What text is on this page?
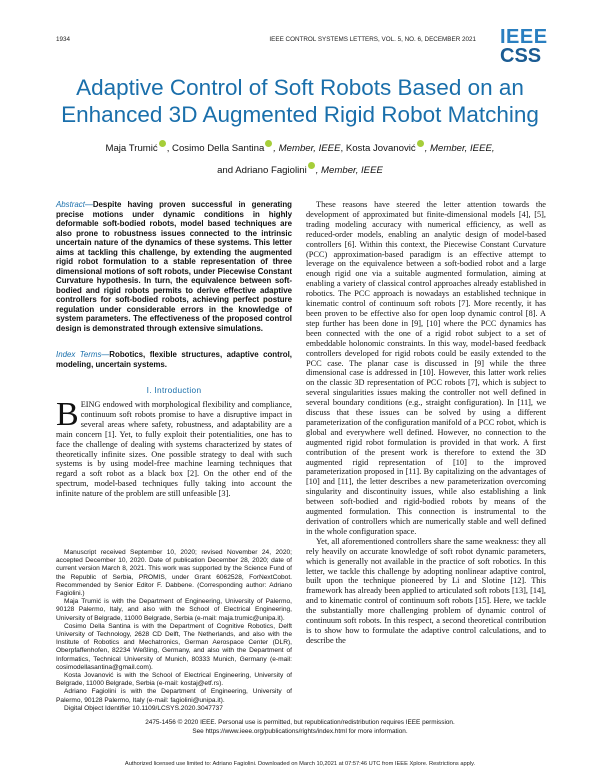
1934	IEEE CONTROL SYSTEMS LETTERS, VOL. 5, NO. 6, DECEMBER 2021 IEEE
CSS
Adaptive Control of Soft Robots Based on an Enhanced 3D Augmented Rigid Robot Matching
Maja Trumić , Cosimo Della Santina , Member, IEEE, Kosta Jovanović , Member, IEEE,
and Adriano Fagiolini , Member, IEEE
Abstract—Despite having proven successful in generating precise motions under dynamic conditions in highly deformable soft-bodied robots, model based techniques are also prone to robustness issues connected to the intrinsic uncertain nature of the dynamics of these systems. This letter aims at tackling this challenge, by extending the augmented rigid robot formulation to a stable representation of three dimensional motions of soft robots, under Piecewise Constant Curvature hypothesis. In turn, the equivalence between soft-bodied and rigid robots permits to derive effective adaptive controllers for soft-bodied robots, achieving perfect posture regulation under considerable errors in the knowledge of system parameters. The effectiveness of the proposed control design is demonstrated through extensive simulations.
Index Terms—Robotics, flexible structures, adaptive control, modeling, uncertain systems.
I. Introduction
BEING endowed with morphological flexibility and compliance, continuum soft robots promise to have a disruptive impact in several areas where safety, robustness, and adaptability are a main concern [1]. Yet, to fully exploit their potentialities, one has to face the challenge of dealing with systems characterized by states of theoretically infinite sizes. One possible strategy to deal with such systems is by using model-free machine learning techniques that regard a soft robot as a black box [2]. On the other end of the spectrum, model-based techniques fully taking into account the infinite nature of the problem are still unfeasible [3].

Manuscript received September 10, 2020; revised November 24, 2020; accepted December 10, 2020. Date of publication December 28, 2020; date of current version March 8, 2021. This work was supported by the Science Fund of the Republic of Serbia, PROMIS, under Grant 6062528, ForNextCobot. Recommended by Senior Editor F. Dabbene. (Corresponding author: Adriano Fagiolini.)

Maja Trumić is with the Department of Engineering, University of Palermo, 90128 Palermo, Italy, and also with the School of Electrical Engineering, University of Belgrade, 11000 Belgrade, Serbia (e-mail: maja.trumic@unipa.it).

Cosimo Della Santina is with the Department of Cognitive Robotics, Delft University of Technology, 2628 CD Delft, The Netherlands, and also with the Institute of Robotics and Mechatronics, German Aerospace Center (DLR), Oberpfaffenhofen, 82234 Weßling, Germany, and also with the Department of Informatics, Technical University of Munich, 80333 Munich, Germany (e-mail: cosimodellasantina@gmail.com).

Kosta Jovanović is with the School of Electrical Engineering, University of Belgrade, 11000 Belgrade, Serbia (e-mail: kostaj@etf.rs).

Adriano Fagiolini is with the Department of Engineering, University of Palermo, 90128 Palermo, Italy (e-mail: fagiolini@unipa.it).

Digital Object Identifier 10.1109/LCSYS.2020.3047737

These reasons have steered the letter attention towards the development of approximated but finite-dimensional models [4], [5], trading modeling accuracy with numerical efficiency, as well as reduced-order models, enabling an analytic design of model-based controllers [6]. Within this context, the Piecewise Constant Curvature (PCC) approximation-based paradigm is an effective attempt to leverage on the equivalence between a soft-bodied robot and a large enough rigid one via a suitable augmented formulation, aiming at enabling a variety of classical control approaches already established in robotics. The PCC approach is nowadays an established technique in kinematic control of continuum soft robots [7]. More recently, it has been proven to be effective also for open loop dynamic control [8]. A step further has been done in [9], [10] where the PCC dynamics has been connected with the one of a rigid robot subject to a set of embeddable holonomic constraints. In this way, model-based feedback controllers developed for rigid robots could be easily extended to the PCC case. The planar case is discussed in [9] while the three dimensional case is addressed in [10]. However, this latter work relies on the classic 3D representation of PCC robots [7], which is subject to several singularities issues making the controller not well defined in several boundary conditions (e.g., straight configuration). In [11], we discuss that these issues can be solved by using a different parameterization of the configuration manifold of a PCC robot, which is global and everywhere well defined. However, no connection to the augmented rigid robot formulation is provided in that work. A first contribution of the present work is therefore to extend the 3D augmented rigid representation of [10] to the improved parameterization proposed in [11]. By capitalizing on the advantages of [10] and [11], the letter describes a new parameterization overcoming singularity and discontinuity issues, while also establishing a link between soft-bodied and rigid-bodied robots by means of the augmented formulation. This connection is instrumental to the derivation of controllers which are numerically stable and well defined in the whole configuration space.

Yet, all aforementioned controllers share the same weakness: they all rely heavily on accurate knowledge of soft robot dynamic parameters, which is generally not available in the practice of soft robotics. In this letter, we tackle this challenge by adopting nonlinear adaptive control, built upon the technique pioneered by Li and Slotine [12]. This framework has already been applied to articulated soft robots [13], [14], and to kinematic control of continuum soft robots [15]. Here, we tackle the substantially more challenging problem of dynamic control of continuum soft robots. In this respect, a second theoretical contribution is to show how to formulate the adaptive control calculations, and to describe the

2475-1456 © 2020 IEEE. Personal use is permitted, but republication/redistribution requires IEEE permission.
See https://www.ieee.org/publications/rights/index.html for more information.
Authorized licensed use limited to: Adriano Fagiolini. Downloaded on March 10,2021 at 07:57:46 UTC from IEEE Xplore. Restrictions apply.
